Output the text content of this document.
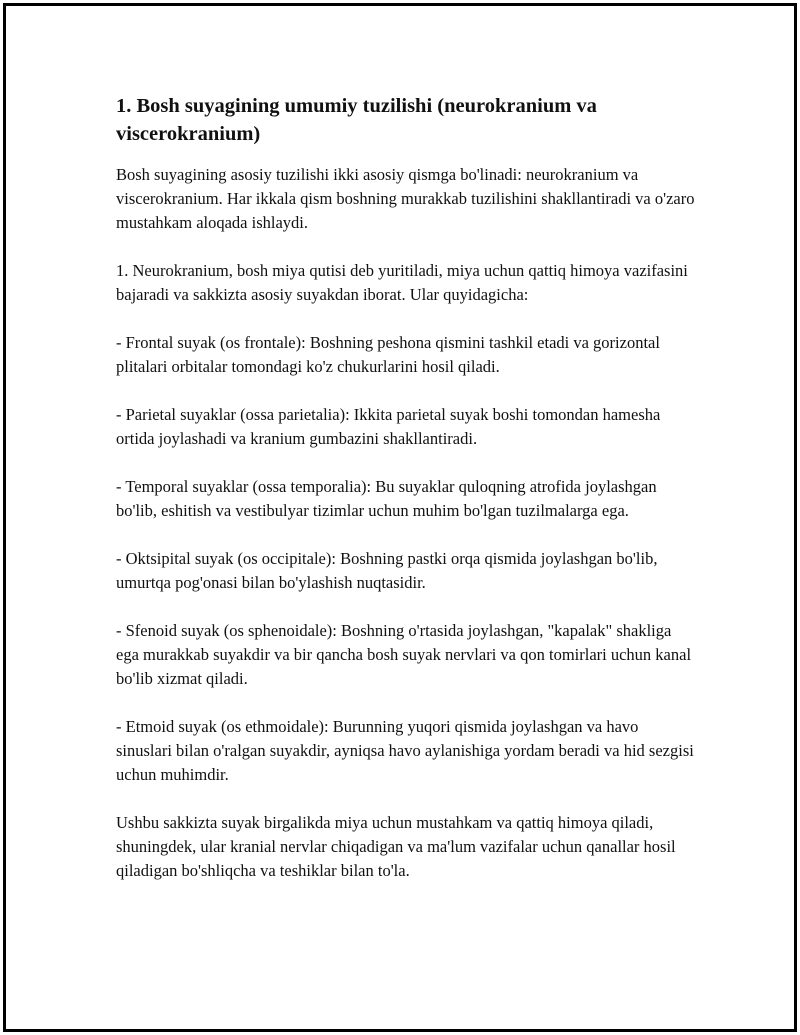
1. Bosh suyagining umumiy tuzilishi (neurokranium va viscerokranium)

Bosh suyagining asosiy tuzilishi ikki asosiy qismga bo'linadi: neurokranium va viscerokranium. Har ikkala qism boshning murakkab tuzilishini shakllantiradi va o'zaro mustahkam aloqada ishlaydi.

1. Neurokranium, bosh miya qutisi deb yuritiladi, miya uchun qattiq himoya vazifasini bajaradi va sakkizta asosiy suyakdan iborat. Ular quyidagicha:

- Frontal suyak (os frontale): Boshning peshona qismini tashkil etadi va gorizontal plitalari orbitalar tomondagi ko'z chukurlarini hosil qiladi.

- Parietal suyaklar (ossa parietalia): Ikkita parietal suyak boshi tomondan hamesha ortida joylashadi va kranium gumbazini shakllantiradi.

- Temporal suyaklar (ossa temporalia): Bu suyaklar quloqning atrofida joylashgan bo'lib, eshitish va vestibulyar tizimlar uchun muhim bo'lgan tuzilmalarga ega.

- Oktsipital suyak (os occipitale): Boshning pastki orqa qismida joylashgan bo'lib, umurtqa pog'onasi bilan bo'ylashish nuqtasidir.

- Sfenoid suyak (os sphenoidale): Boshning o'rtasida joylashgan, "kapalak" shakliga ega murakkab suyakdir va bir qancha bosh suyak nervlari va qon tomirlari uchun kanal bo'lib xizmat qiladi.

- Etmoid suyak (os ethmoidale): Burunning yuqori qismida joylashgan va havo sinuslari bilan o'ralgan suyakdir, ayniqsa havo aylanishiga yordam beradi va hid sezgisi uchun muhimdir.

Ushbu sakkizta suyak birgalikda miya uchun mustahkam va qattiq himoya qiladi, shuningdek, ular kranial nervlar chiqadigan va ma'lum vazifalar uchun qanallar hosil qiladigan bo'shliqcha va teshiklar bilan to'la.
